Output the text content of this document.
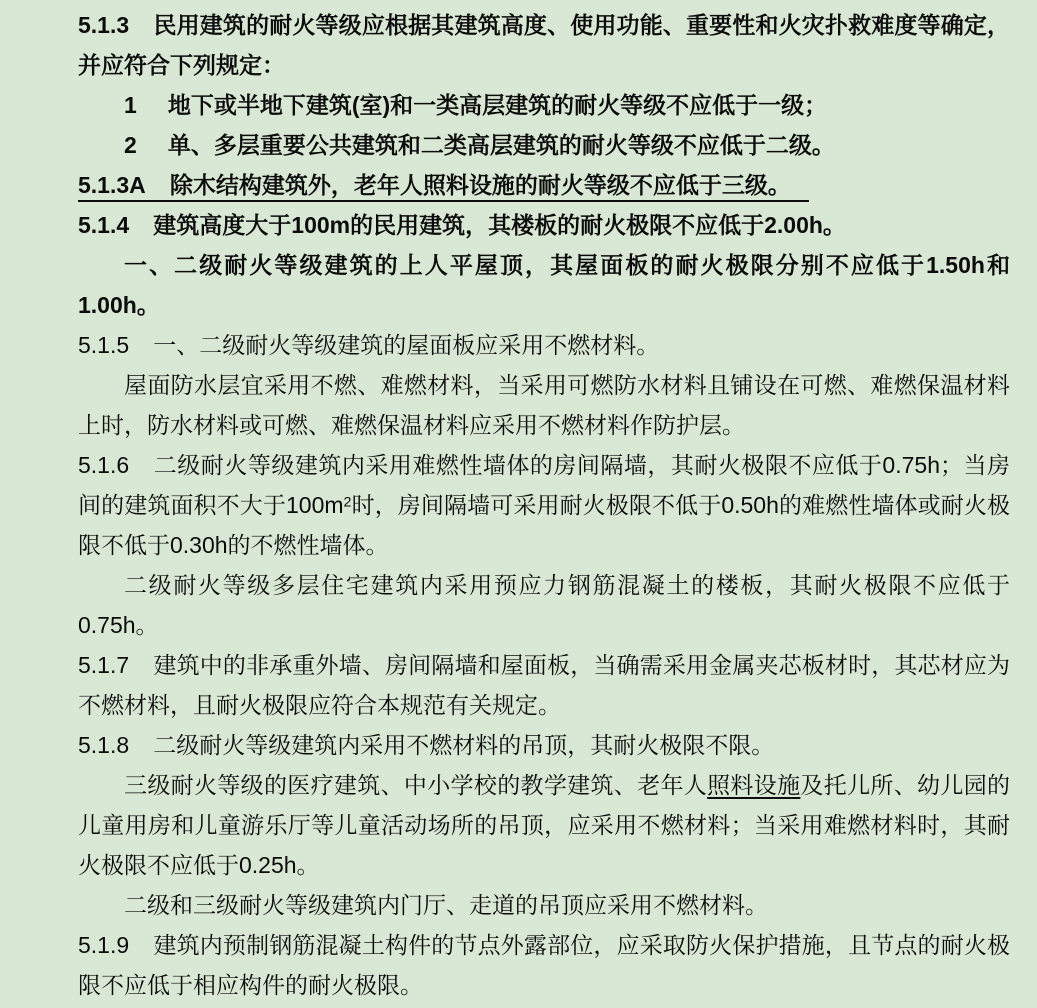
5.1.3 民用建筑的耐火等级应根据其建筑高度、使用功能、重要性和火灾扑救难度等确定，并应符合下列规定：

1 地下或半地下建筑(室)和一类高层建筑的耐火等级不应低于一级；

2 单、多层重要公共建筑和二类高层建筑的耐火等级不应低于二级。

5.1.3A 除木结构建筑外，老年人照料设施的耐火等级不应低于三级。

5.1.4 建筑高度大于100m的民用建筑，其楼板的耐火极限不应低于2.00h。

一、二级耐火等级建筑的上人平屋顶，其屋面板的耐火极限分别不应低于1.50h和1.00h。

5.1.5 一、二级耐火等级建筑的屋面板应采用不燃材料。

屋面防水层宜采用不燃、难燃材料，当采用可燃防水材料且铺设在可燃、难燃保温材料上时，防水材料或可燃、难燃保温材料应采用不燃材料作防护层。

5.1.6 二级耐火等级建筑内采用难燃性墙体的房间隔墙，其耐火极限不应低于0.75h；当房间的建筑面积不大于$100m^2$时，房间隔墙可采用耐火极限不低于0.50h的难燃性墙体或耐火极限不低于0.30h的不燃性墙体。

二级耐火等级多层住宅建筑内采用预应力钢筋混凝土的楼板，其耐火极限不应低于0.75h。

5.1.7 建筑中的非承重外墙、房间隔墙和屋面板，当确需采用金属夹芯板材时，其芯材应为不燃材料，且耐火极限应符合本规范有关规定。

5.1.8 二级耐火等级建筑内采用不燃材料的吊顶，其耐火极限不限。

三级耐火等级的医疗建筑、中小学校的教学建筑、老年人照料设施及托儿所、幼儿园的儿童用房和儿童游乐厅等儿童活动场所的吊顶，应采用不燃材料；当采用难燃材料时，其耐火极限不应低于0.25h。

二级和三级耐火等级建筑内门厅、走道的吊顶应采用不燃材料。

5.1.9 建筑内预制钢筋混凝土构件的节点外露部位，应采取防火保护措施，且节点的耐火极限不应低于相应构件的耐火极限。
